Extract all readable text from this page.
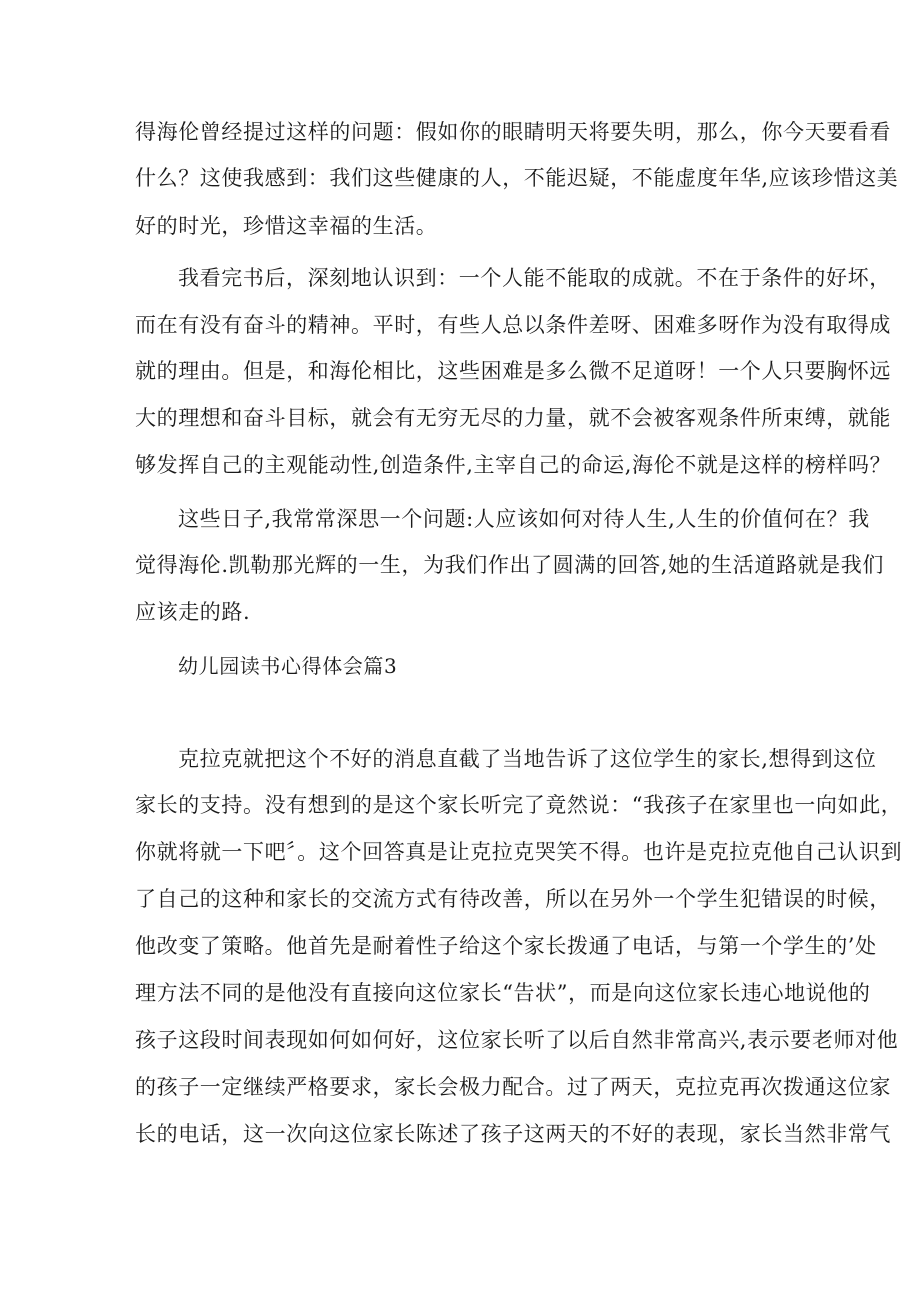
得海伦曾经提过这样的问题：假如你的眼睛明天将要失明，那么，你今天要看看
什么？这使我感到：我们这些健康的人，不能迟疑，不能虚度年华,应该珍惜这美
好的时光，珍惜这幸福的生活。
我看完书后，深刻地认识到：一个人能不能取的成就。不在于条件的好坏，
而在有没有奋斗的精神。平时，有些人总以条件差呀、困难多呀作为没有取得成
就的理由。但是，和海伦相比，这些困难是多么微不足道呀！一个人只要胸怀远
大的理想和奋斗目标，就会有无穷无尽的力量，就不会被客观条件所束缚，就能
够发挥自己的主观能动性,创造条件,主宰自己的命运,海伦不就是这样的榜样吗？
这些日子,我常常深思一个问题:人应该如何对待人生,人生的价值何在？我
觉得海伦.凯勒那光辉的一生，为我们作出了圆满的回答,她的生活道路就是我们
应该走的路.
幼儿园读书心得体会篇3
克拉克就把这个不好的消息直截了当地告诉了这位学生的家长,想得到这位
家长的支持。没有想到的是这个家长听完了竟然说：“我孩子在家里也一向如此，
你就将就一下吧〞。这个回答真是让克拉克哭笑不得。也许是克拉克他自己认识到
了自己的这种和家长的交流方式有待改善，所以在另外一个学生犯错误的时候，
他改变了策略。他首先是耐着性子给这个家长拨通了电话，与第一个学生的’处
理方法不同的是他没有直接向这位家长“告状”，而是向这位家长违心地说他的
孩子这段时间表现如何如何好，这位家长听了以后自然非常高兴,表示要老师对他
的孩子一定继续严格要求，家长会极力配合。过了两天，克拉克再次拨通这位家
长的电话，这一次向这位家长陈述了孩子这两天的不好的表现，家长当然非常气
